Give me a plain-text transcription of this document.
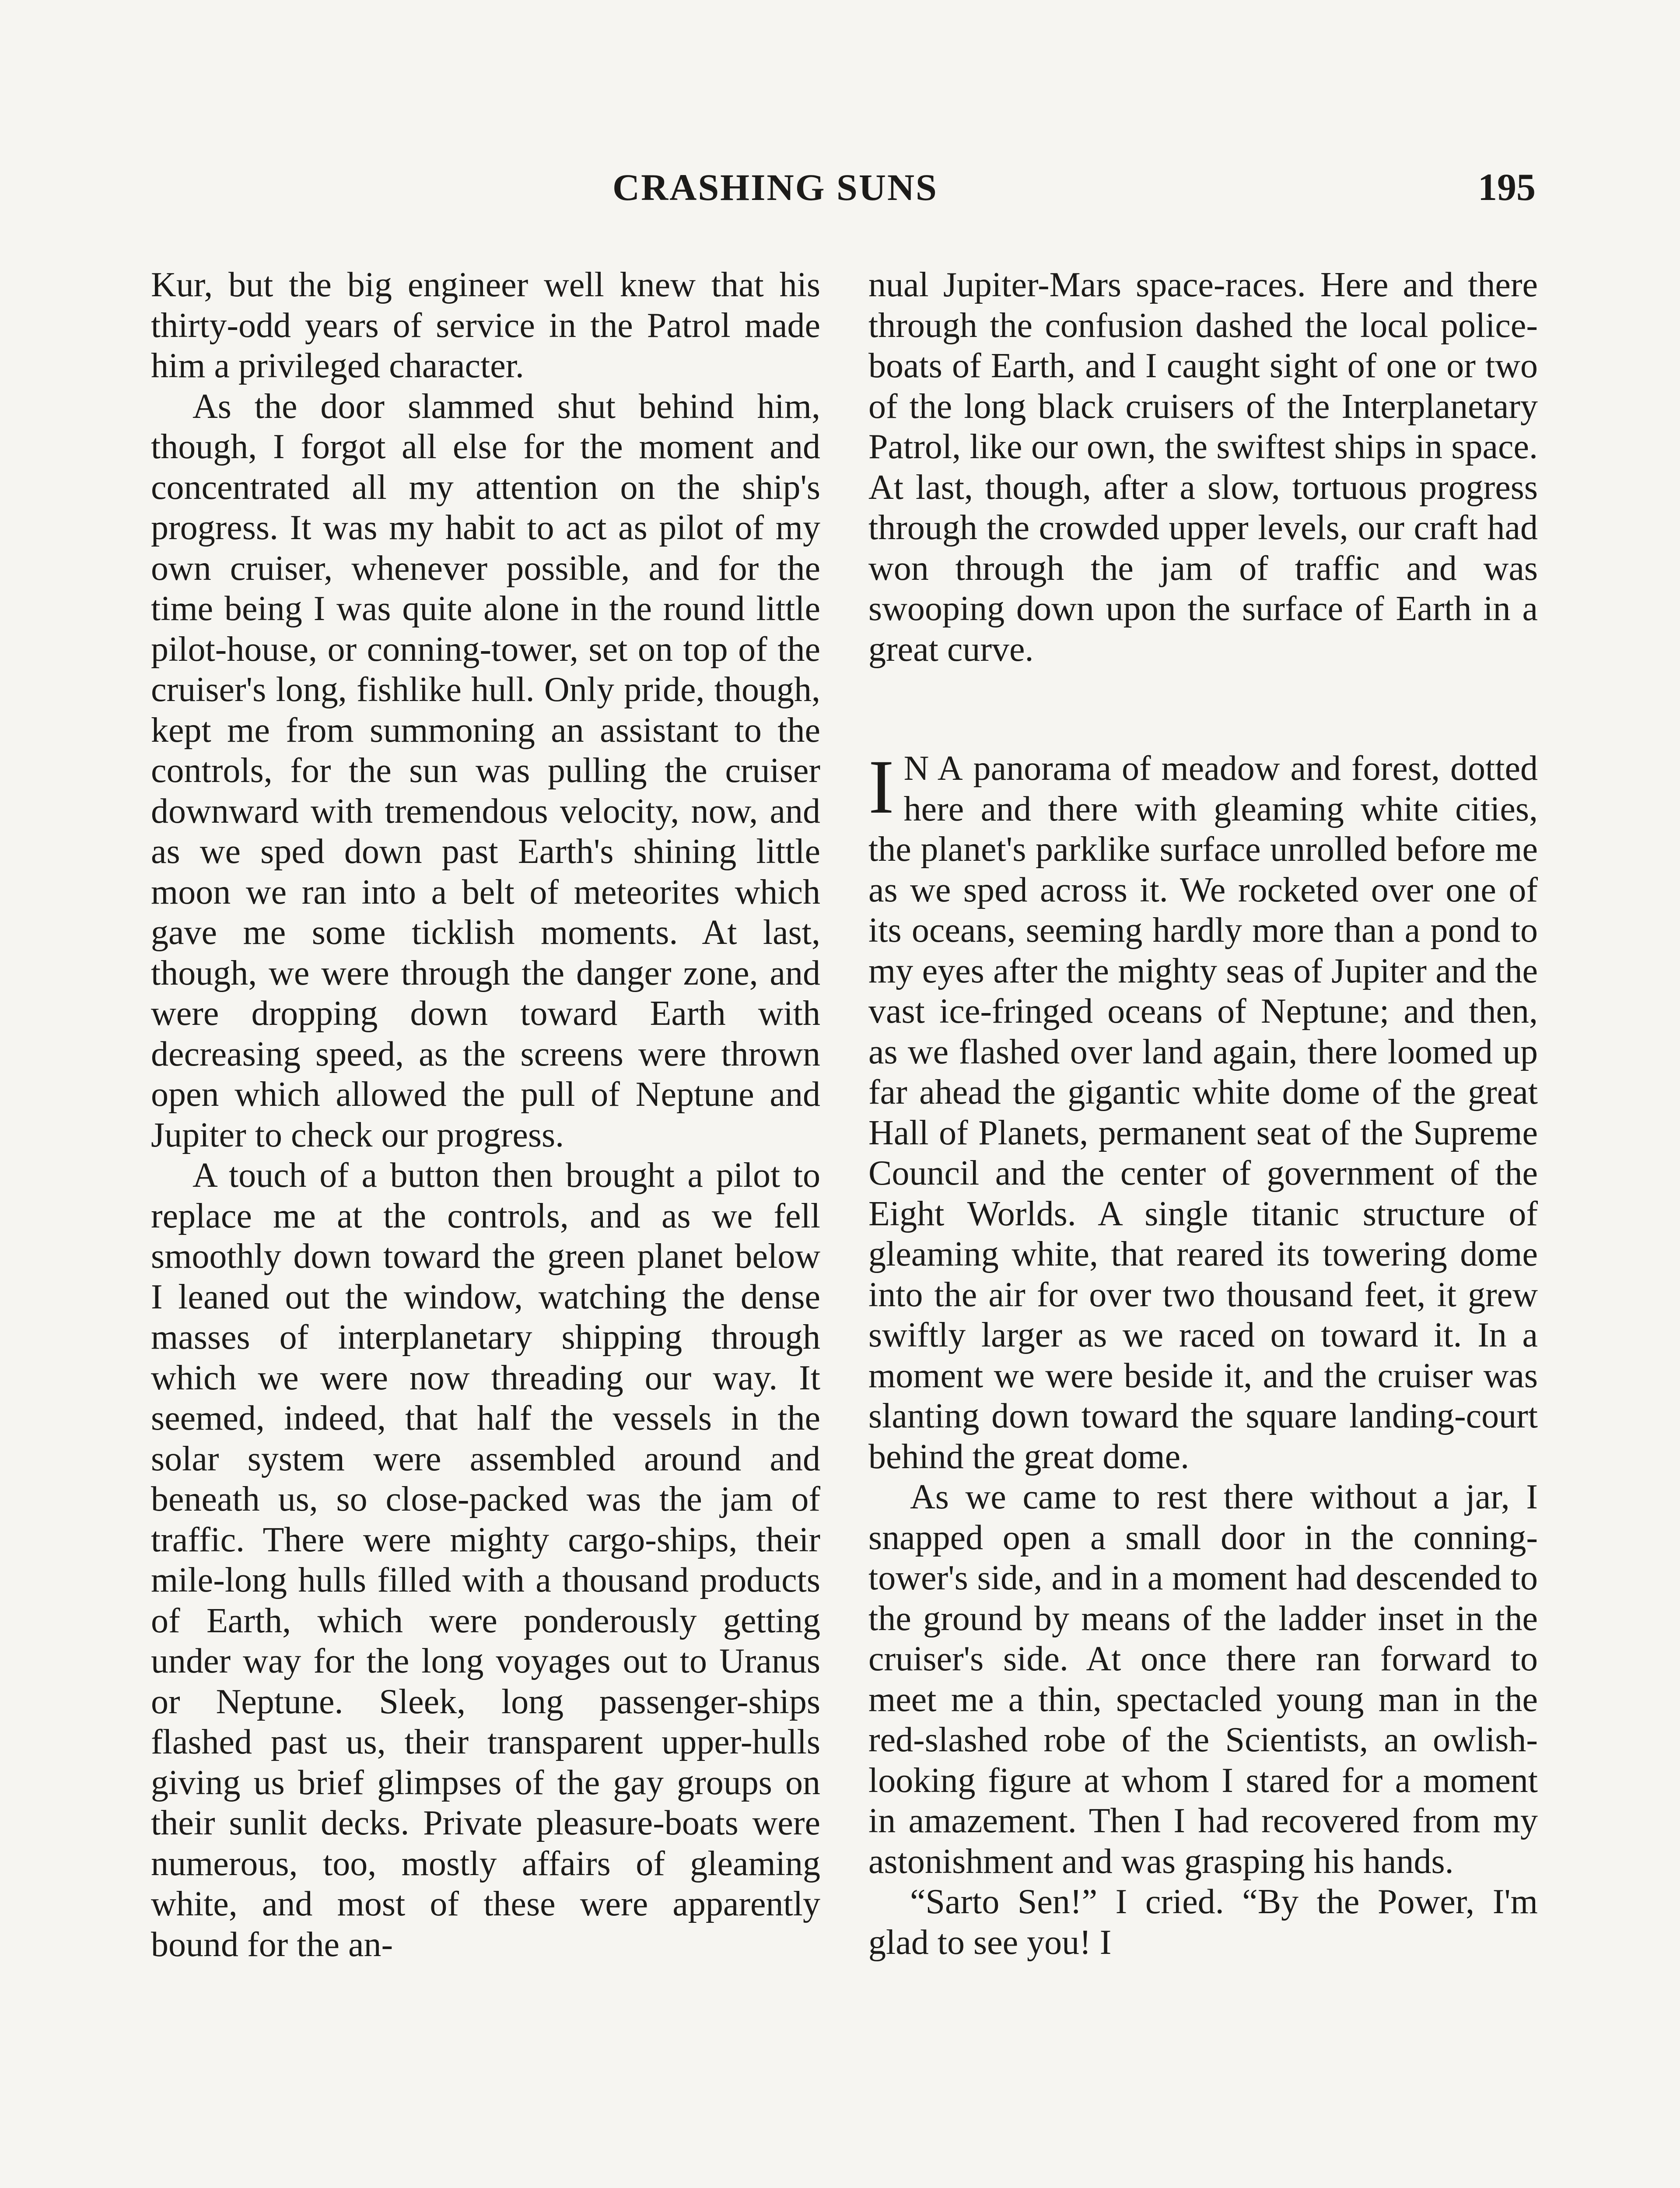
CRASHING SUNS	195

Kur, but the big engineer well knew that his thirty-odd years of service in the Patrol made him a privileged character.

As the door slammed shut behind him, though, I forgot all else for the moment and concentrated all my attention on the ship's progress. It was my habit to act as pilot of my own cruiser, whenever possible, and for the time being I was quite alone in the round little pilot-house, or conning-tower, set on top of the cruiser's long, fishlike hull. Only pride, though, kept me from summoning an assistant to the controls, for the sun was pulling the cruiser downward with tremendous velocity, now, and as we sped down past Earth's shining little moon we ran into a belt of meteorites which gave me some ticklish moments. At last, though, we were through the danger zone, and were dropping down toward Earth with decreasing speed, as the screens were thrown open which allowed the pull of Neptune and Jupiter to check our progress.

A touch of a button then brought a pilot to replace me at the controls, and as we fell smoothly down toward the green planet below I leaned out the window, watching the dense masses of interplanetary shipping through which we were now threading our way. It seemed, indeed, that half the vessels in the solar system were assembled around and beneath us, so close-packed was the jam of traffic. There were mighty cargo-ships, their mile-long hulls filled with a thousand products of Earth, which were ponderously getting under way for the long voyages out to Uranus or Neptune. Sleek, long passenger-ships flashed past us, their transparent upper-hulls giving us brief glimpses of the gay groups on their sunlit decks. Private pleasure-boats were numerous, too, mostly affairs of gleaming white, and most of these were apparently bound for the an-

nual Jupiter-Mars space-races. Here and there through the confusion dashed the local police-boats of Earth, and I caught sight of one or two of the long black cruisers of the Interplanetary Patrol, like our own, the swiftest ships in space. At last, though, after a slow, tortuous progress through the crowded upper levels, our craft had won through the jam of traffic and was swooping down upon the surface of Earth in a great curve.

I N A panorama of meadow and forest, dotted here and there with gleaming white cities, the planet's parklike surface unrolled before me as we sped across it. We rocketed over one of its oceans, seeming hardly more than a pond to my eyes after the mighty seas of Jupiter and the vast ice-fringed oceans of Neptune; and then, as we flashed over land again, there loomed up far ahead the gigantic white dome of the great Hall of Planets, permanent seat of the Supreme Council and the center of government of the Eight Worlds. A single titanic structure of gleaming white, that reared its towering dome into the air for over two thousand feet, it grew swiftly larger as we raced on toward it. In a moment we were beside it, and the cruiser was slanting down toward the square landing-court behind the great dome.

As we came to rest there without a jar, I snapped open a small door in the conning-tower's side, and in a moment had descended to the ground by means of the ladder inset in the cruiser's side. At once there ran forward to meet me a thin, spectacled young man in the red-slashed robe of the Scientists, an owlish-looking figure at whom I stared for a moment in amazement. Then I had recovered from my astonishment and was grasping his hands.

“Sarto Sen!” I cried. “By the Power, I'm glad to see you! I
